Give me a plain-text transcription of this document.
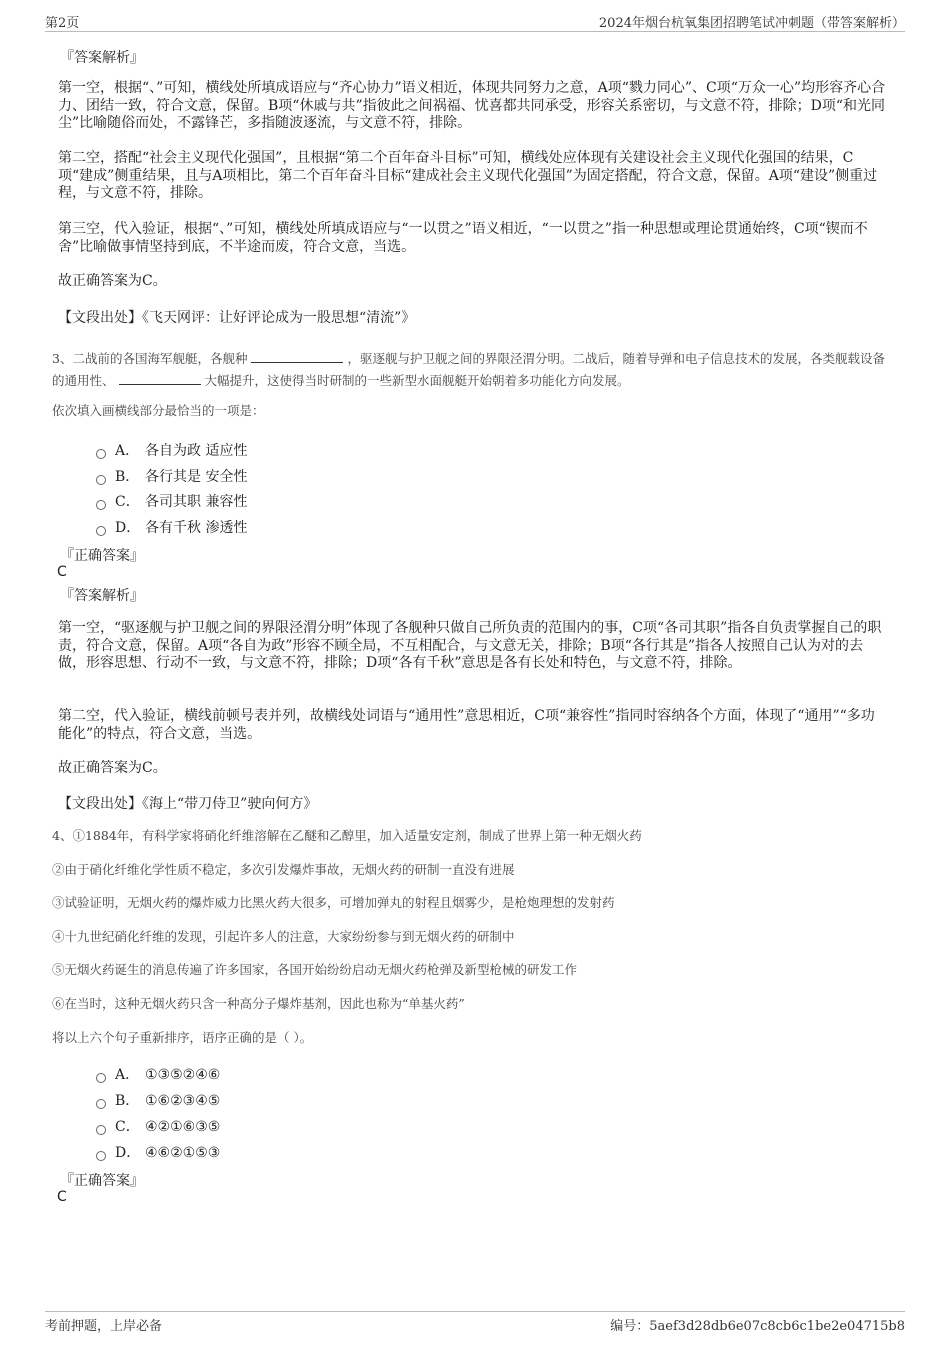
第2页	2024年烟台杭氧集团招聘笔试冲刺题（带答案解析）
『答案解析』
第一空，根据“、”可知，横线处所填成语应与“齐心协力”语义相近，体现共同努力之意，A项“戮力同心”、C项“万众一心”均形容齐心合力、团结一致，符合文意，保留。B项“休戚与共”指彼此之间祸福、忧喜都共同承受，形容关系密切，与文意不符，排除；D项“和光同尘”比喻随俗而处，不露锋芒，多指随波逐流，与文意不符，排除。
第二空，搭配“社会主义现代化强国”，且根据“第二个百年奋斗目标”可知，横线处应体现有关建设社会主义现代化强国的结果，C项“建成”侧重结果，且与A项相比，第二个百年奋斗目标“建成社会主义现代化强国”为固定搭配，符合文意，保留。A项“建设”侧重过程，与文意不符，排除。
第三空，代入验证，根据“、”可知，横线处所填成语应与“一以贯之”语义相近，“一以贯之”指一种思想或理论贯通始终，C项“锲而不舍”比喻做事情坚持到底，不半途而废，符合文意，当选。
故正确答案为C。
【文段出处】《飞天网评：让好评论成为一股思想“清流”》
3、二战前的各国海军舰艇，各舰种	，驱逐舰与护卫舰之间的界限泾渭分明。二战后，随着导弹和电子信息技术的发展，各类舰载设备的通用性、	大幅提升，这使得当时研制的一些新型水面舰艇开始朝着多功能化方向发展。
依次填入画横线部分最恰当的一项是：
A． 各自为政 适应性
B． 各行其是 安全性
C． 各司其职 兼容性
D． 各有千秋 渗透性
『正确答案』
C
『答案解析』
第一空，“驱逐舰与护卫舰之间的界限泾渭分明”体现了各舰种只做自己所负责的范围内的事，C项“各司其职”指各自负责掌握自己的职责，符合文意，保留。A项“各自为政”形容不顾全局，不互相配合，与文意无关，排除；B项“各行其是”指各人按照自己认为对的去做，形容思想、行动不一致，与文意不符，排除；D项“各有千秋”意思是各有长处和特色，与文意不符，排除。
第二空，代入验证，横线前顿号表并列，故横线处词语与“通用性”意思相近，C项“兼容性”指同时容纳各个方面，体现了“通用”“多功能化”的特点，符合文意，当选。
故正确答案为C。
【文段出处】《海上“带刀侍卫”驶向何方》
4、①1884年，有科学家将硝化纤维溶解在乙醚和乙醇里，加入适量安定剂，制成了世界上第一种无烟火药
②由于硝化纤维化学性质不稳定，多次引发爆炸事故，无烟火药的研制一直没有进展
③试验证明，无烟火药的爆炸威力比黑火药大很多，可增加弹丸的射程且烟雾少，是枪炮理想的发射药
④十九世纪硝化纤维的发现，引起许多人的注意，大家纷纷参与到无烟火药的研制中
⑤无烟火药诞生的消息传遍了许多国家，各国开始纷纷启动无烟火药枪弹及新型枪械的研发工作
⑥在当时，这种无烟火药只含一种高分子爆炸基剂，因此也称为“单基火药”
将以上六个句子重新排序，语序正确的是（ ）。
A． ①③⑤②④⑥
B． ①⑥②③④⑤
C． ④②①⑥③⑤
D． ④⑥②①⑤③
『正确答案』
C
考前押题，上岸必备	编号：5aef3d28db6e07c8cb6c1be2e04715b8
